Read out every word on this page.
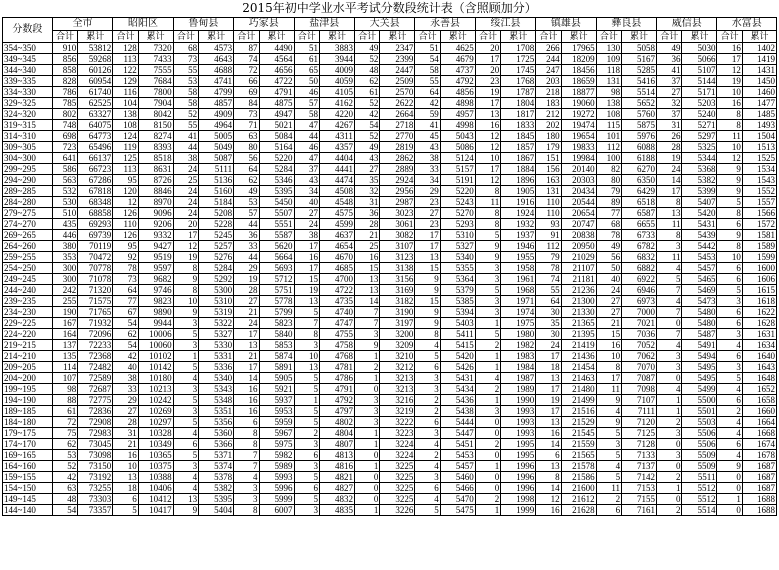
2015年初中学业水平考试分数段统计表（含照顾加分）
分数段	全市		昭阳区		鲁甸县		巧家县		盐津县		大关县		永善县		绥江县		镇雄县		彝良县		威信县		水富县	
	合计	累计	合计	累计	合计	累计	合计	累计	合计	累计	合计	累计	合计	累计	合计	累计	合计	累计	合计	累计	合计	累计	合计	累计
354~350	910	53812	128	7320	68	4573	87	4490	51	3883	49	2347	51	4625	20	1708	266	17965	130	5058	49	5030	16	1402
349~345	856	59268	113	7433	73	4643	74	4564	61	3944	52	2399	54	4679	17	1725	244	18209	109	5167	36	5066	17	1419
344~340	858	60126	122	7555	55	4688	72	4656	65	4009	48	2447	58	4737	20	1745	247	18456	118	5285	41	5107	12	1431
339~335	828	60954	129	7684	53	4741	66	4722	50	4059	62	2509	55	4792	23	1768	203	18659	131	5416	37	5144	19	1450
334~330	786	61740	116	7800	58	4799	69	4791	46	4105	61	2570	64	4856	19	1787	218	18877	98	5514	27	5171	10	1460
329~325	785	62525	104	7904	58	4857	84	4875	57	4162	52	2622	42	4898	17	1804	183	19060	138	5652	32	5203	16	1477
324~320	802	63327	138	8042	52	4909	73	4947	58	4220	42	2664	59	4957	13	1817	212	19272	108	5760	37	5240	8	1485
319~315	748	64075	108	8150	55	4964	71	5021	47	4267	54	2718	41	4998	16	1833	202	19474	115	5875	31	5271	8	1493
314~310	698	64773	124	8274	41	5005	63	5084	44	4311	52	2770	45	5043	12	1845	180	19654	101	5976	26	5297	11	1504
309~305	723	65496	119	8393	44	5049	80	5164	46	4357	49	2819	43	5086	12	1857	179	19833	112	6088	28	5325	10	1513
304~300	641	66137	125	8518	38	5087	56	5220	47	4404	43	2862	38	5124	10	1867	151	19984	100	6188	19	5344	12	1525
299~295	586	66723	113	8631	24	5111	64	5284	37	4441	27	2889	33	5157	17	1884	156	20140	82	6270	24	5368	9	1534
294~290	563	67286	95	8726	25	5136	62	5346	43	4474	35	2924	34	5191	12	1896	163	20303	80	6350	14	5382	9	1543
289~285	532	67818	120	8846	24	5160	49	5395	34	4508	32	2956	29	5220	8	1905	131	20434	79	6429	17	5399	9	1552
284~280	530	68348	12	8970	24	5184	53	5450	40	4548	31	2987	23	5243	11	1916	110	20544	89	6518	8	5407	5	1557
279~275	510	68858	126	9096	24	5208	57	5507	27	4575	36	3023	27	5270	8	1924	110	20654	77	6587	13	5420	8	1566
274~270	435	69293	110	9206	20	5228	44	5551	24	4599	28	3061	23	5293	8	1932	93	20747	68	6655	11	5431	6	1572
269~265	446	69739	126	9332	17	5245	36	5587	38	4637	21	3082	17	5310	5	1937	91	20838	78	6733	8	5439	9	1581
264~260	380	70119	95	9427	12	5257	33	5620	17	4654	25	3107	17	5327	9	1946	112	20950	49	6782	3	5442	8	1589
259~255	353	70472	92	9519	19	5276	44	5664	16	4670	16	3123	13	5340	9	1955	79	21029	56	6832	11	5453	10	1599
254~250	300	70778	78	9597	8	5284	29	5693	17	4685	15	3138	15	5355	3	1958	78	21107	50	6882	4	5457	6	1600
249~245	300	71078	73	9682	9	5292	19	5712	15	4700	13	3156	9	5364	3	1961	74	21181	40	6922	5	5465	6	1606
244~240	242	71320	64	9746	8	5300	28	5751	19	4722	13	3169	9	5379	5	1968	55	21236	24	6946	7	5469	5	1615
239~235	255	71575	77	9823	10	5310	27	5778	13	4735	14	3182	15	5385	3	1971	64	21300	27	6973	4	5473	3	1618
234~230	190	71765	67	9890	9	5319	21	5799	5	4740	7	3190	9	5394	3	1974	30	21330	27	7000	7	5480	6	1622
229~225	167	71932	54	9944	3	5322	24	5823	7	4747	7	3197	9	5403	1	1975	35	21365	21	7021	0	5480	6	1628
224~220	164	72096	62	10006	5	5327	17	5840	8	4755	3	3200	8	5411	5	1980	30	21395	15	7036	7	5487	3	1631
219~215	137	72233	54	10060	3	5330	13	5853	3	4758	9	3209	4	5415	2	1982	24	21419	16	7052	4	5491	4	1634
214~210	135	72368	42	10102	1	5331	21	5874	10	4768	1	3210	5	5420	1	1983	17	21436	10	7062	3	5494	6	1640
209~205	114	72482	40	10142	5	5336	17	5891	13	4781	2	3212	6	5426	1	1984	18	21454	8	7070	3	5495	3	1643
204~200	107	72589	38	10180	4	5340	14	5905	5	4786	1	3213	3	5431	4	1987	13	21463	17	7087	0	5495	5	1648
199~195	98	72687	33	10213	3	5343	16	5921	5	4791	0	3213	3	5434	2	1989	17	21480	11	7098	4	5499	4	1652
194~190	88	72775	29	10242	5	5348	16	5937	1	4792	3	3216	2	5436	1	1990	19	21499	9	7107	1	5500	6	1658
189~185	61	72836	27	10269	3	5351	16	5953	5	4797	3	3219	2	5438	3	1993	17	21516	4	7111	1	5501	2	1660
184~180	72	72908	28	10297	5	5356	6	5959	5	4802	3	3222	6	5444	0	1993	13	21529	9	7120	2	5503	4	1664
179~175	75	72983	31	10328	4	5360	8	5967	2	4804	1	3223	3	5447	0	1993	16	21545	5	7125	3	5506	4	1668
174~170	62	73045	21	10349	6	5366	8	5975	3	4807	1	3224	4	5451	2	1995	14	21559	3	7128	0	5506	6	1674
169~165	53	73098	16	10365	5	5371	7	5982	6	4813	0	3224	2	5453	0	1995	6	21565	5	7133	3	5509	4	1678
164~160	52	73150	10	10375	3	5374	7	5989	3	4816	1	3225	4	5457	1	1996	13	21578	4	7137	0	5509	9	1687
159~155	42	73192	13	10388	4	5378	4	5993	5	4821	0	3225	3	5460	0	1996	8	21586	5	7142	2	5511	0	1687
154~150	63	73255	18	10406	4	5382	3	5996	6	4827	0	3225	6	5466	0	1996	14	21600	11	7153	1	5512	0	1687
149~145	48	73303	6	10412	13	5395	3	5999	5	4832	0	3225	4	5470	2	1998	12	21612	2	7155	0	5512	1	1688
144~140	54	73357	5	10417	9	5404	8	6007	3	4835	1	3226	5	5475	1	1999	16	21628	6	7161	2	5514	0	1688
